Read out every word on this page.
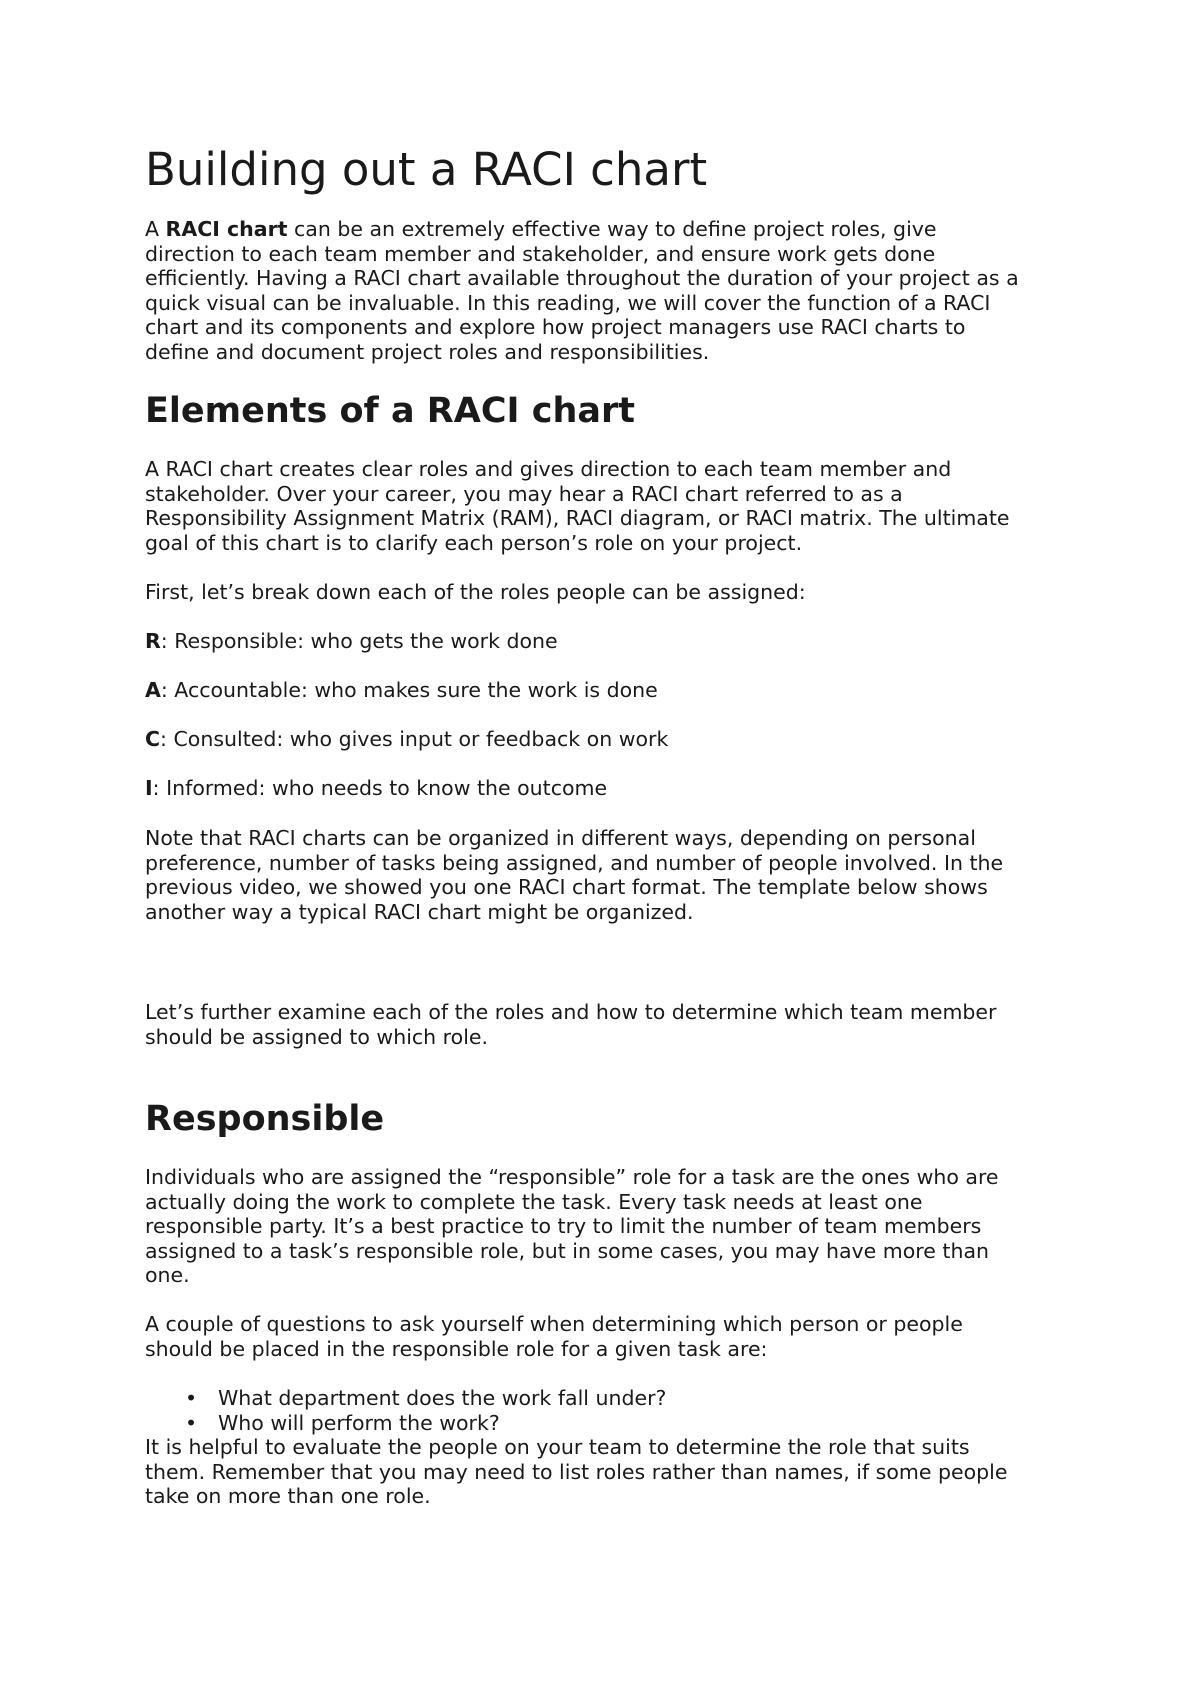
Building out a RACI chart

A RACI chart can be an extremely effective way to define project roles, give
direction to each team member and stakeholder, and ensure work gets done
efficiently. Having a RACI chart available throughout the duration of your project as a
quick visual can be invaluable. In this reading, we will cover the function of a RACI
chart and its components and explore how project managers use RACI charts to
define and document project roles and responsibilities.

Elements of a RACI chart

A RACI chart creates clear roles and gives direction to each team member and
stakeholder. Over your career, you may hear a RACI chart referred to as a
Responsibility Assignment Matrix (RAM), RACI diagram, or RACI matrix. The ultimate
goal of this chart is to clarify each person’s role on your project.

First, let’s break down each of the roles people can be assigned:

R: Responsible: who gets the work done

A: Accountable: who makes sure the work is done

C: Consulted: who gives input or feedback on work

I: Informed: who needs to know the outcome

Note that RACI charts can be organized in different ways, depending on personal
preference, number of tasks being assigned, and number of people involved. In the
previous video, we showed you one RACI chart format. The template below shows
another way a typical RACI chart might be organized.

Let’s further examine each of the roles and how to determine which team member
should be assigned to which role.

Responsible

Individuals who are assigned the “responsible” role for a task are the ones who are
actually doing the work to complete the task. Every task needs at least one
responsible party. It’s a best practice to try to limit the number of team members
assigned to a task’s responsible role, but in some cases, you may have more than
one.

A couple of questions to ask yourself when determining which person or people
should be placed in the responsible role for a given task are:

• What department does the work fall under?
• Who will perform the work?

It is helpful to evaluate the people on your team to determine the role that suits
them. Remember that you may need to list roles rather than names, if some people
take on more than one role.
